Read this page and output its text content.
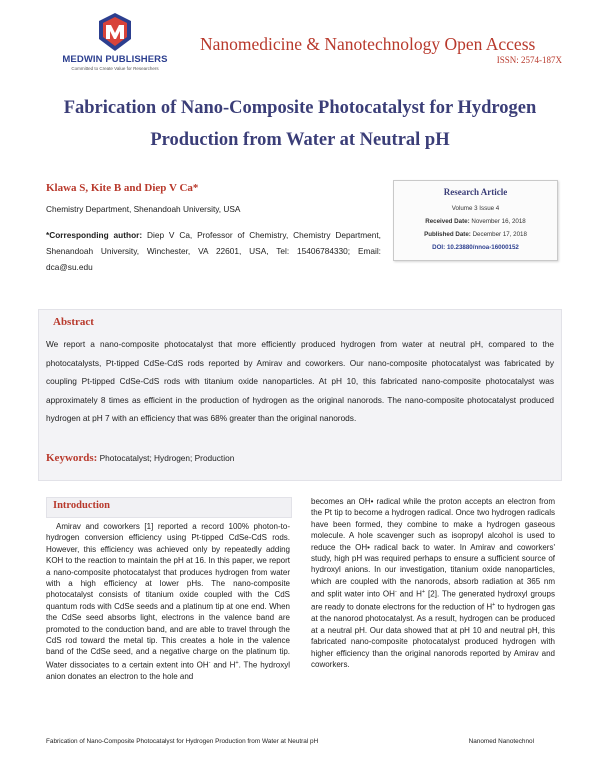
MEDWIN PUBLISHERS
Committed to Create Value for Researchers
Nanomedicine & Nanotechnology Open Access
ISSN: 2574-187X
Fabrication of Nano-Composite Photocatalyst for Hydrogen
Production from Water at Neutral pH
Klawa S, Kite B and Diep V Ca*
Chemistry Department, Shenandoah University, USA
*Corresponding author: Diep V Ca, Professor of Chemistry, Chemistry Department, Shenandoah University, Winchester, VA 22601, USA, Tel: 15406784330; Email: dca@su.edu
Research Article
Volume 3 Issue 4
Received Date: November 16, 2018
Published Date: December 17, 2018
DOI: 10.23880/nnoa-16000152
Abstract
We report a nano-composite photocatalyst that more efficiently produced hydrogen from water at neutral pH, compared to the photocatalysts, Pt-tipped CdSe-CdS rods reported by Amirav and coworkers. Our nano-composite photocatalyst was fabricated by coupling Pt-tipped CdSe-CdS rods with titanium oxide nanoparticles. At pH 10, this fabricated nano-composite photocatalyst was approximately 8 times as efficient in the production of hydrogen as the original nanorods. The nano-composite photocatalyst produced hydrogen at pH 7 with an efficiency that was 68% greater than the original nanorods.
Keywords: Photocatalyst; Hydrogen; Production
Introduction

Amirav and coworkers [1] reported a record 100% photon-to-hydrogen conversion efficiency using Pt-tipped CdSe-CdS rods. However, this efficiency was achieved only by repeatedly adding KOH to the reaction to maintain the pH at 16. In this paper, we report a nano-composite photocatalyst that produces hydrogen from water with a high efficiency at lower pHs. The nano-composite photocatalyst consists of titanium oxide coupled with the CdS quantum rods with CdSe seeds and a platinum tip at one end. When the CdSe seed absorbs light, electrons in the valence band are promoted to the conduction band, and are able to travel through the CdS rod toward the metal tip. This creates a hole in the valence band of the CdSe seed, and a negative charge on the platinum tip. Water dissociates to a certain extent into OH- and H+. The hydroxyl anion donates an electron to the hole and

becomes an OH• radical while the proton accepts an electron from the Pt tip to become a hydrogen radical. Once two hydrogen radicals have been formed, they combine to make a hydrogen gaseous molecule. A hole scavenger such as isopropyl alcohol is used to reduce the OH• radical back to water. In Amirav and coworkers' study, high pH was required perhaps to ensure a sufficient source of hydroxyl anions. In our investigation, titanium oxide nanoparticles, which are coupled with the nanorods, absorb radiation at 365 nm and split water into OH- and H+ [2]. The generated hydroxyl groups are ready to donate electrons for the reduction of H+ to hydrogen gas at the nanorod photocatalyst. As a result, hydrogen can be produced at a neutral pH. Our data showed that at pH 10 and neutral pH, this fabricated nano-composite photocatalyst produced hydrogen with higher efficiency than the original nanorods reported by Amirav and coworkers.

Fabrication of Nano-Composite Photocatalyst for Hydrogen Production from Water at Neutral pH	Nanomed Nanotechnol
